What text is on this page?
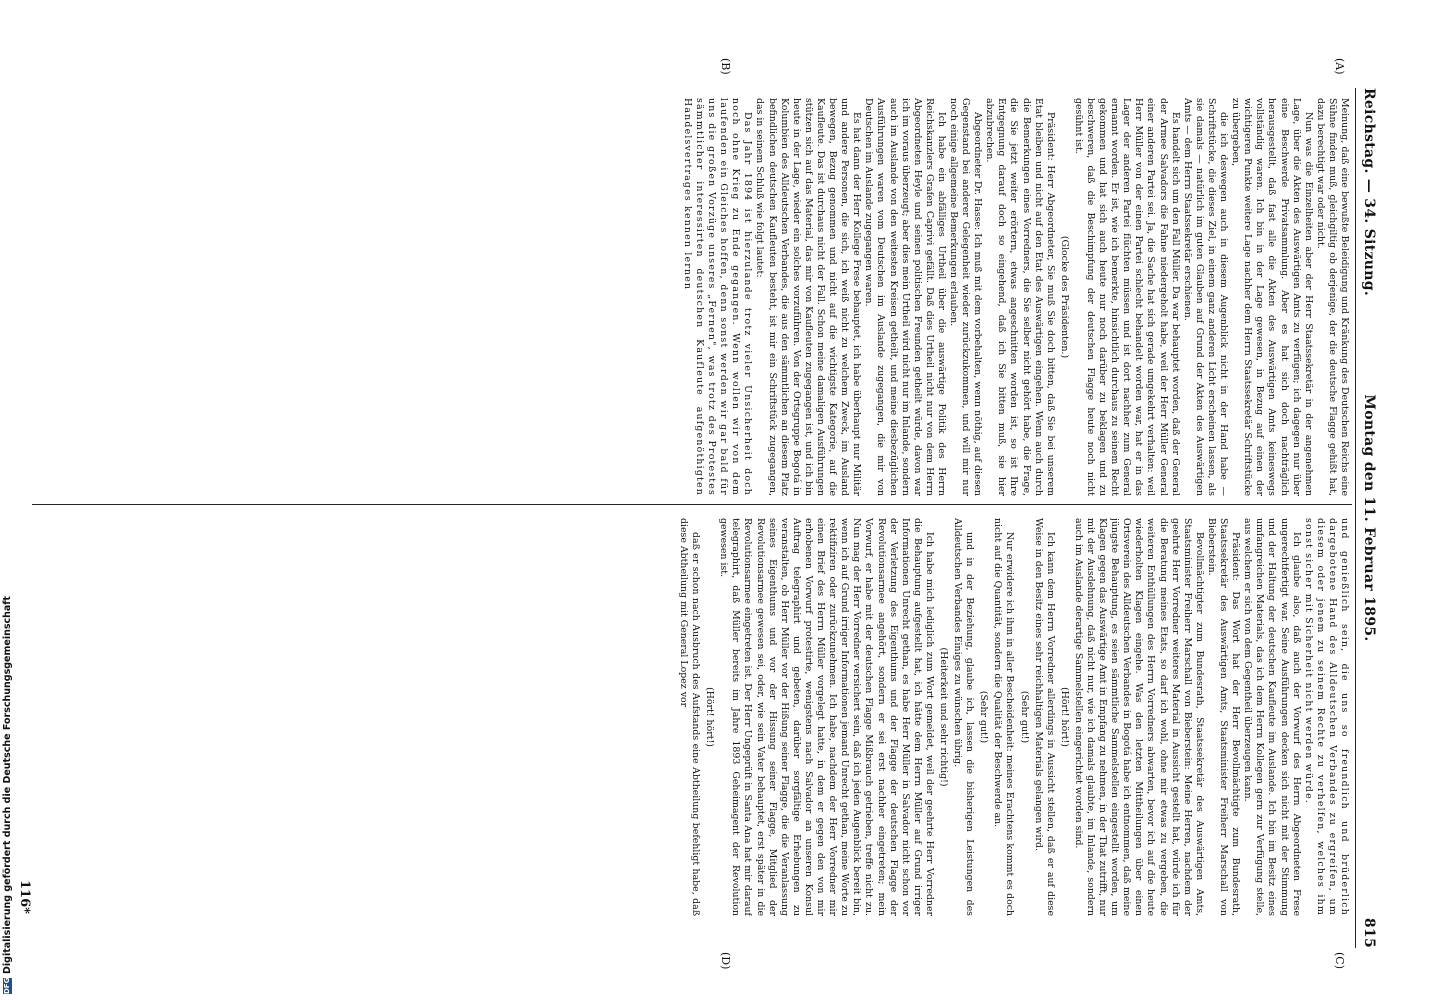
Reichstag. — 34. Sitzung.
Montag den 11. Februar 1895.
815
(A)
(B)
(C)
(D)

Meinung, daß eine bewußte Beleidigung und Kränkung des Deutschen Reichs eine Sühne finden muß, gleichgiltig ob derjenige, der die deutsche Flagge gehißt hat, dazu berechtigt war oder nicht.

Nun was die Einzelheiten aber der Herr Staatssekretär in der angenehmen Lage, über die Akten des Auswärtigen Amts zu verfügen; ich dagegen nur über eine Beschwerde Privatsammlung. Aber es hat sich doch nachträglich herausgestellt, daß fast alle die Akten des Auswärtigen Amts keineswegs vollständig waren. Ich bin in der Lage gewesen, in Bezug auf einen der wichtigeren Punkte weitere Lage nachher dem Herrn Staatssekretär Schriftstücke zu übergeben,

die ich deswegen auch in diesem Augenblick nicht in der Hand habe — Schriftstücke, die dieses Ziel, in einem ganz anderen Licht erscheinen lassen, als sie damals — natürlich im guten Glauben auf Grund der Akten des Auswärtigen Amts — dem Herrn Staatssekretär erschienen.

Es handelt sich um den Fall Müller. Da war behauptet worden, daß der General der Armee Salvadors die Fahne niedergeholt habe, weil der Herr Müller General einer anderen Partei sei. Ja, die Sache hat sich gerade umgekehrt verhalten: weil Herr Müller von der einen Partei schlecht behandelt worden war, hat er in das Lager der anderen Partei flüchten müssen und ist dort nachher zum General ernannt worden. Er ist, wie ich bemerkte, hinsichtlich durchaus zu seinem Recht gekommen und hat sich auch heute nur noch darüber zu beklagen und zu beschweren, daß die Beschimpfung der deutschen Flagge heute noch nicht gesühnt ist.

(Glocke des Präsidenten.)

Präsident: Herr Abgeordneter, Sie muß Sie doch bitten, daß Sie bei unserem Etat bleiben und nicht auf den Etat des Auswärtigen eingehen. Wenn auch durch die Bemerkungen eines Vorredners, die Sie selber nicht gehört habe, die Frage, die Sie jetzt weiter erörtern, etwas angeschnitten worden ist, so ist Ihre Entgegnung darauf doch so eingehend, daß ich Sie bitten muß, sie hier abzubrechen.

Abgeordneter Dr. Hasse: Ich muß mit dem vorbehalten, wenn nöthig, auf diesen Gegenstand bei anderer Gelegenheit wieder zurückzukommen, und will mir nur noch einige allgemeine Bemerkungen erlauben.

Ich habe ein abfälliges Urtheil über die auswärtige Politik des Herrn Reichskanzlers Grafen Caprivi gefällt. Daß dies Urtheil nicht nur von dem Herrn Abgeordneten Heyle und seinen politischen Freunden getheilt würde, davon war ich im voraus überzeugt; aber dies mein Urtheil wird nicht nur im Inlande, sondern auch im Auslande von den weitesten Kreisen getheilt, und meine diesbezüglichen Ausführungen waren vom Deutschen im Auslande zugegangen, die mir von Deutschen im Auslande zugegangen waren.

Es hat dann der Herr Kollege Frese behauptet, ich habe überhaupt nur Militär und andere Personen, die sich, ich weiß nicht zu welchem Zweck, im Ausland bewegen, Bezug genommen und nicht auf die wichtigste Kategorie, auf die Kaufleute. Das ist durchaus nicht der Fall. Schon meine damaligen Ausführungen stützen sich auf das Material, das mir von Kaufleuten zugegangen ist, und ich bin heute in der Lage, wieder ein solches vorzuführen. Von der Ortsgruppe Bogotá in Kolumbien des Alldeutschen Verbandes, die aus den sämmtlichen an diesem Platz befindlichen deutschen Kaufleuten besteht, ist mir ein Schriftstück zugegangen, das in seinem Schluß wie folgt lautet:

Das Jahr 1894 ist hierzulande trotz vieler Unsicherheit doch noch ohne Krieg zu Ende gegangen. Wenn wollen wir von dem laufenden ein Gleiches hoffen, denn sonst werden wir gar bald für uns die großen Vorzüge unseres „Fernen", was trotz des Protestes sämmtlicher interessirten deutschen Kaufleute aufgenöthigten Handelsvertrages kennen lernen

und genießlich sein, die uns so freundlich und brüderlich dargebotene Hand des Alldeutschen Verbandes zu ergreifen, um diesem oder jenem zu seinem Rechte zu verhelfen, welches ihm sonst sicher mit Sicherheit nicht werden würde.

Ich glaube also, daß auch der Vorwurf des Herrn Abgeordneten Frese ungerechtfertigt war. Seine Ausführungen decken sich nicht mit der Stimmung und der Haltung der deutschen Kaufleute im Auslande. Ich bin im Besitz eines umfangreichen Materials, das ich dem Herrn Kollegen gern zur Verfügung stelle, aus welchem er sich von dem Gegentheil überzeugen kann.

Präsident: Das Wort hat der Herr Bevollmächtigte zum Bundesrath, Staatssekretär des Auswärtigen Amts, Staatsminister Freiherr Marschall von Bieberstein.

Bevollmächtigter zum Bundesrath, Staatssekretär des Auswärtigen Amts, Staatsminister Freiherr Marschall von Bieberstein: Meine Herren, nachdem der geehrte Herr Vorredner weiteres Material in Aussicht gestellt hat, würde ich für die Beratung meines Etats, so darf ich wohl, ohne mir etwas zu vergeben, die weiteren Enthüllungen des Herrn Vorredners abwarten, bevor ich auf die heute wiederholten Klagen eingehe. Was den letzten Mittheilungen über einen Ortsverein des Alldeutschen Verbandes in Bogotá habe ich entnommen, daß meine jüngste Behauptung, es seien sämmtliche Sammelstellen eingestellt worden, um Klagen gegen das Auswärtige Amt in Empfang zu nehmen, in der That zutrifft, nur mit der Ausdehnung, daß nicht nur, wie ich damals glaubte, im Inlande, sondern auch im Auslande derartige Sammelstellen eingerichtet worden sind.

(Hört! hört!)

Ich kann dem Herrn Vorredner allerdings in Aussicht stellen, daß er auf diese Weise in den Besitz eines sehr reichhaltigen Materials gelangen wird.

(Sehr gut!)

Nur erwidere ich ihm in aller Bescheidenheit: meines Erachtens kommt es doch nicht auf die Quantität, sondern die Qualität der Beschwerde an.

(Sehr gut!)

und in der Beziehung, glaube ich, lassen die bisherigen Leistungen des Alldeutschen Verbandes Einiges zu wünschen übrig.

(Heiterkeit und sehr richtig!)

Ich habe mich lediglich zum Wort gemeldet, weil der geehrte Herr Vorredner die Behauptung aufgestellt hat, ich hätte dem Herrn Müller auf Grund irriger Informationen Unrecht gethan, es habe Herr Müller in Salvador nicht schon vor der Verletzung des Eigenthums und der Flagge der deutschen Flagge der Revolutionsarmee angehört, sondern er sei erst nachher eingetreten; mein Vorwurf, er habe mit der deutschen Flagge Mißbrauch getrieben, treffe nicht zu. Nun mag der Herr Vorredner versichert sein, daß ich jeden Augenblick bereit bin, wenn ich auf Grund irriger Informationen jemand Unrecht gethan, meine Worte zu rektifiziren oder zurückzunehmen. Ich habe, nachdem der Herr Vorredner mir einen Brief des Herrn Müller vorgelegt hatte, in dem er gegen den von mir erhobenen Vorwurf protestirte, wenigstens nach Salvador an unseren Konsul Auftrag telegraphirt und gebeten, darüber sorgfältige Erhebungen zu veranstalten, ob Herr Müller vor der Hißung seiner Flagge, die die Veranlassung seines Eigenthums und vor der Hissung seiner Flagge, Mitglied der Revolutionsarmee gewesen sei, oder, wie sein Vater behauptet, erst später in die Revolutionsarmee eingetreten ist. Der Herr Ungeprüft in Santa Ana hat mir darauf telegraphirt, daß Müller bereits im Jahre 1893 Geheimagent der Revolution gewesen ist.

(Hört! hört!)

daß er schon nach Ausbruch des Aufstands eine Abtheilung befehligt habe, daß diese Abtheilung mit General Lopez vor

116*
DFGDigitalisierung gefördert durch die Deutsche Forschungsgemeinschaft
